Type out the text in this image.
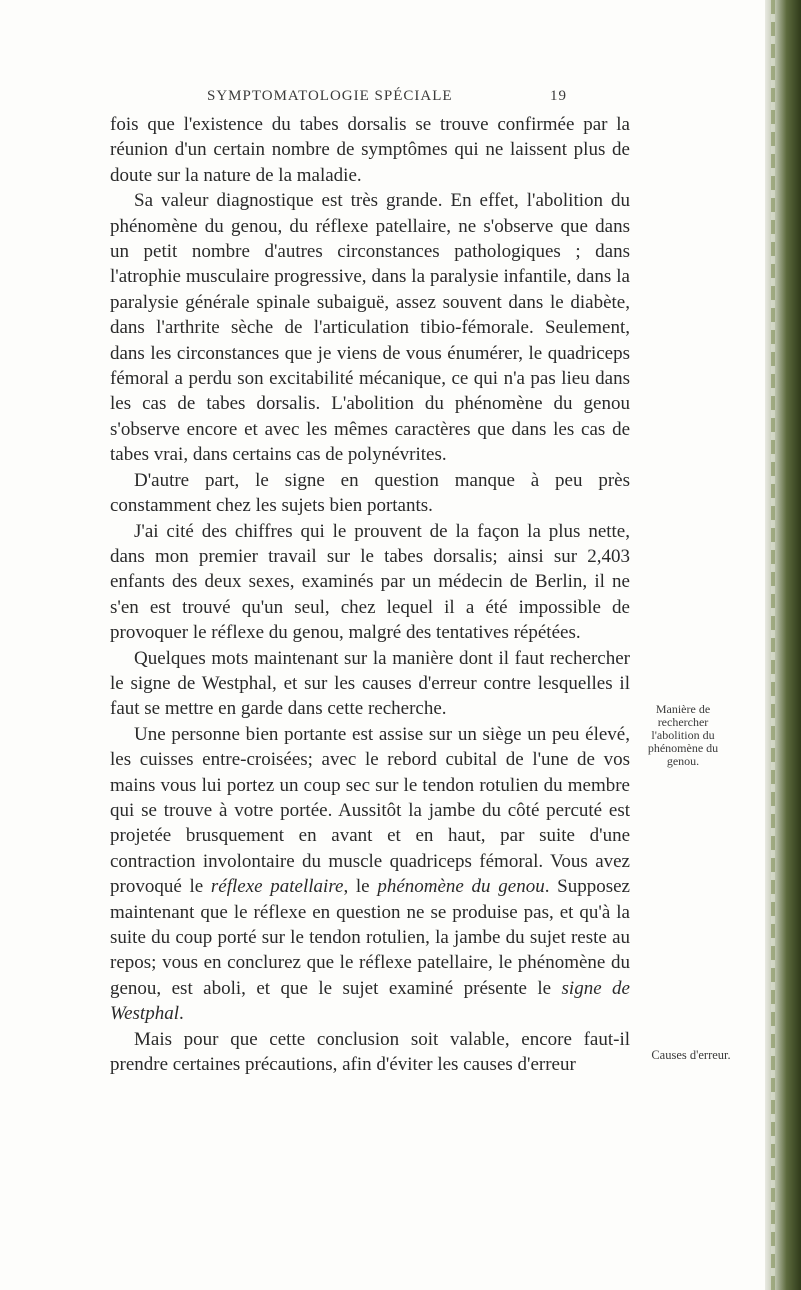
SYMPTOMATOLOGIE SPÉCIALE	19

fois que l'existence du tabes dorsalis se trouve confirmée par la réunion d'un certain nombre de symptômes qui ne laissent plus de doute sur la nature de la maladie.

Sa valeur diagnostique est très grande. En effet, l'abolition du phénomène du genou, du réflexe patellaire, ne s'observe que dans un petit nombre d'autres circonstances pathologiques ; dans l'atrophie musculaire progressive, dans la paralysie infantile, dans la paralysie générale spinale subaiguë, assez souvent dans le diabète, dans l'arthrite sèche de l'articulation tibio-fémorale. Seulement, dans les circonstances que je viens de vous énumérer, le quadriceps fémoral a perdu son excitabilité mécanique, ce qui n'a pas lieu dans les cas de tabes dorsalis. L'abolition du phénomène du genou s'observe encore et avec les mêmes caractères que dans les cas de tabes vrai, dans certains cas de polynévrites.

D'autre part, le signe en question manque à peu près constamment chez les sujets bien portants.

J'ai cité des chiffres qui le prouvent de la façon la plus nette, dans mon premier travail sur le tabes dorsalis; ainsi sur 2,403 enfants des deux sexes, examinés par un médecin de Berlin, il ne s'en est trouvé qu'un seul, chez lequel il a été impossible de provoquer le réflexe du genou, malgré des tentatives répétées.

Quelques mots maintenant sur la manière dont il faut rechercher le signe de Westphal, et sur les causes d'erreur contre lesquelles il faut se mettre en garde dans cette recherche.

Une personne bien portante est assise sur un siège un peu élevé, les cuisses entre-croisées; avec le rebord cubital de l'une de vos mains vous lui portez un coup sec sur le tendon rotulien du membre qui se trouve à votre portée. Aussitôt la jambe du côté percuté est projetée brusquement en avant et en haut, par suite d'une contraction involontaire du muscle quadriceps fémoral. Vous avez provoqué le réflexe patellaire, le phénomène du genou. Supposez maintenant que le réflexe en question ne se produise pas, et qu'à la suite du coup porté sur le tendon rotulien, la jambe du sujet reste au repos; vous en conclurez que le réflexe patellaire, le phénomène du genou, est aboli, et que le sujet examiné présente le signe de Westphal.

Mais pour que cette conclusion soit valable, encore faut-il prendre certaines précautions, afin d'éviter les causes d'erreur

Manière de rechercher l'abolition du phénomène du genou.
Causes d'erreur.
